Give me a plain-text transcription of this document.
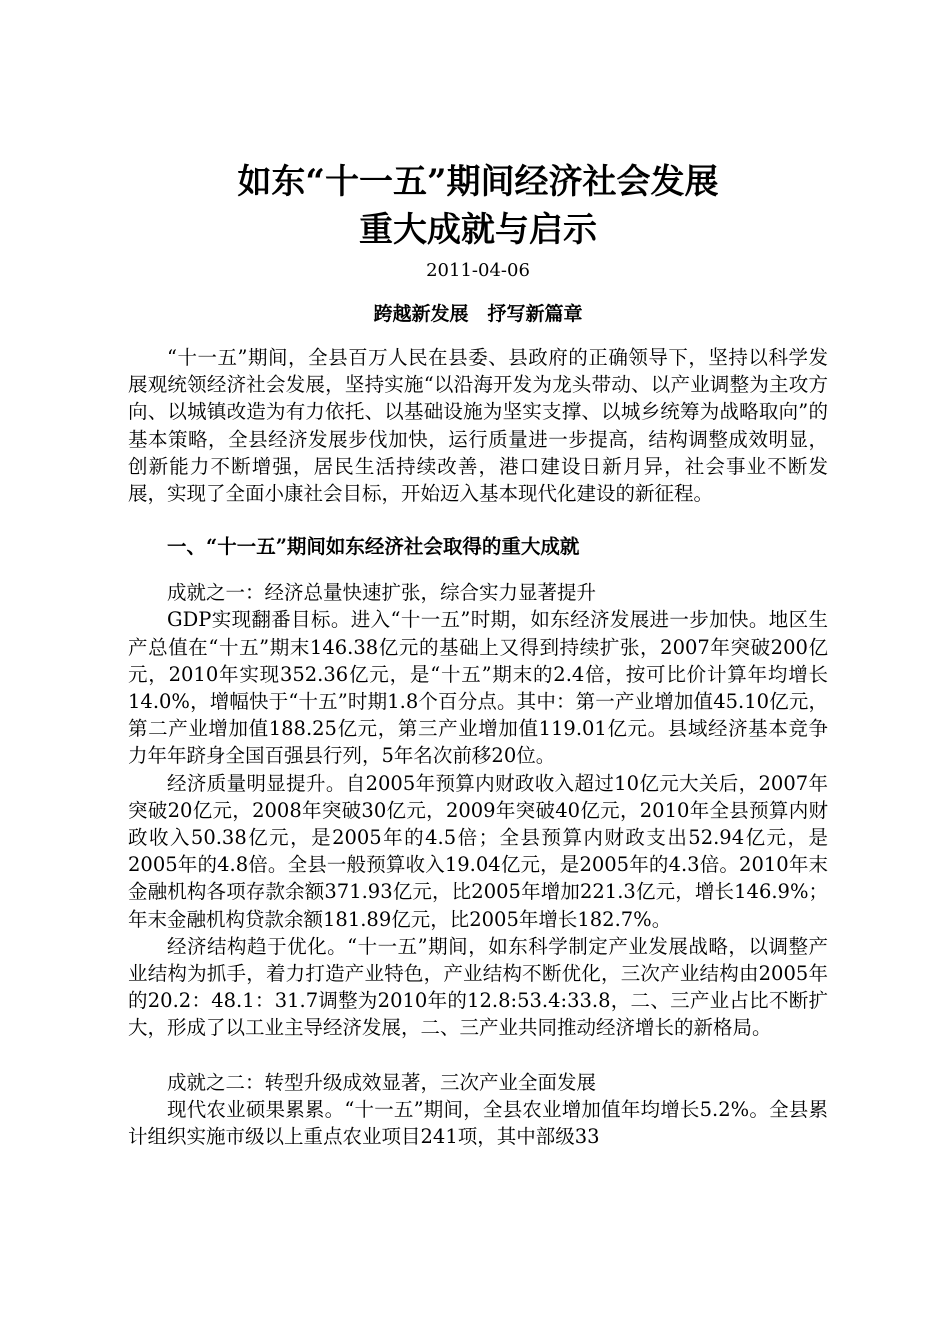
如东“十一五”期间经济社会发展
重大成就与启示
2011-04-06
跨越新发展　抒写新篇章

“十一五”期间，全县百万人民在县委、县政府的正确领导下，坚持以科学发展观统领经济社会发展，坚持实施“以沿海开发为龙头带动、以产业调整为主攻方向、以城镇改造为有力依托、以基础设施为坚实支撑、以城乡统筹为战略取向”的基本策略，全县经济发展步伐加快，运行质量进一步提高，结构调整成效明显，创新能力不断增强，居民生活持续改善，港口建设日新月异，社会事业不断发展，实现了全面小康社会目标，开始迈入基本现代化建设的新征程。

一、“十一五”期间如东经济社会取得的重大成就

成就之一：经济总量快速扩张，综合实力显著提升

GDP实现翻番目标。进入“十一五”时期，如东经济发展进一步加快。地区生产总值在“十五”期末146.38亿元的基础上又得到持续扩张，2007年突破200亿元，2010年实现352.36亿元，是“十五”期末的2.4倍，按可比价计算年均增长14.0%，增幅快于“十五”时期1.8个百分点。其中：第一产业增加值45.10亿元，第二产业增加值188.25亿元，第三产业增加值119.01亿元。县域经济基本竞争力年年跻身全国百强县行列，5年名次前移20位。

经济质量明显提升。自2005年预算内财政收入超过10亿元大关后，2007年突破20亿元，2008年突破30亿元，2009年突破40亿元，2010年全县预算内财政收入50.38亿元，是2005年的4.5倍；全县预算内财政支出52.94亿元，是2005年的4.8倍。全县一般预算收入19.04亿元，是2005年的4.3倍。2010年末金融机构各项存款余额371.93亿元，比2005年增加221.3亿元，增长146.9%；年末金融机构贷款余额181.89亿元，比2005年增长182.7%。

经济结构趋于优化。“十一五”期间，如东科学制定产业发展战略，以调整产业结构为抓手，着力打造产业特色，产业结构不断优化，三次产业结构由2005年的20.2：48.1：31.7调整为2010年的12.8:53.4:33.8，二、三产业占比不断扩大，形成了以工业主导经济发展，二、三产业共同推动经济增长的新格局。

成就之二：转型升级成效显著，三次产业全面发展

现代农业硕果累累。“十一五”期间，全县农业增加值年均增长5.2%。全县累计组织实施市级以上重点农业项目241项，其中部级33
